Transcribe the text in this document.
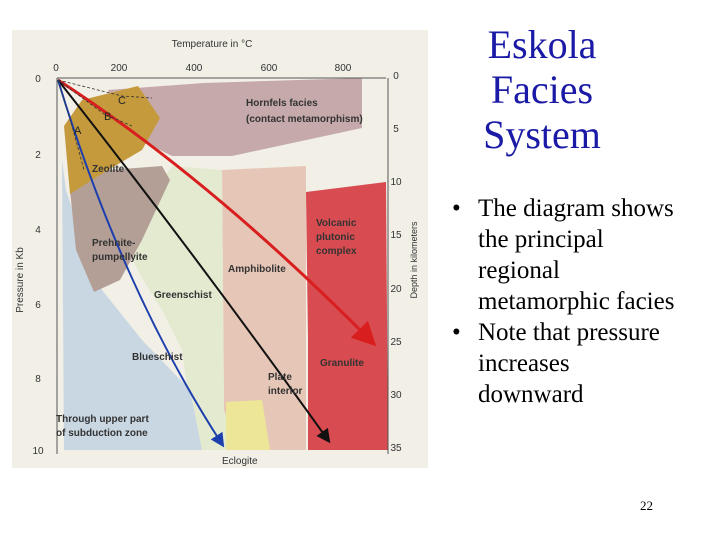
Temperature in °C
Pressure in Kb	Depth in kilometers
0	200	400	600	800
0
2
4
6
8
10
0
5
10
15
20
25
30
35
A
B
C	Hornfels facies
(contact metamorphism)
Zeolite
Prehnite-
pumpellyite
Greenschist
Amphibolite
Volcanic
plutonic
complex
Granulite
Blueschist
Plate
interior
Through upper part
of subduction zone
Eclogite
Eskola
Facies
System
• The diagram shows
the principal
regional
metamorphic facies
• Note that pressure
increases
downward
22
